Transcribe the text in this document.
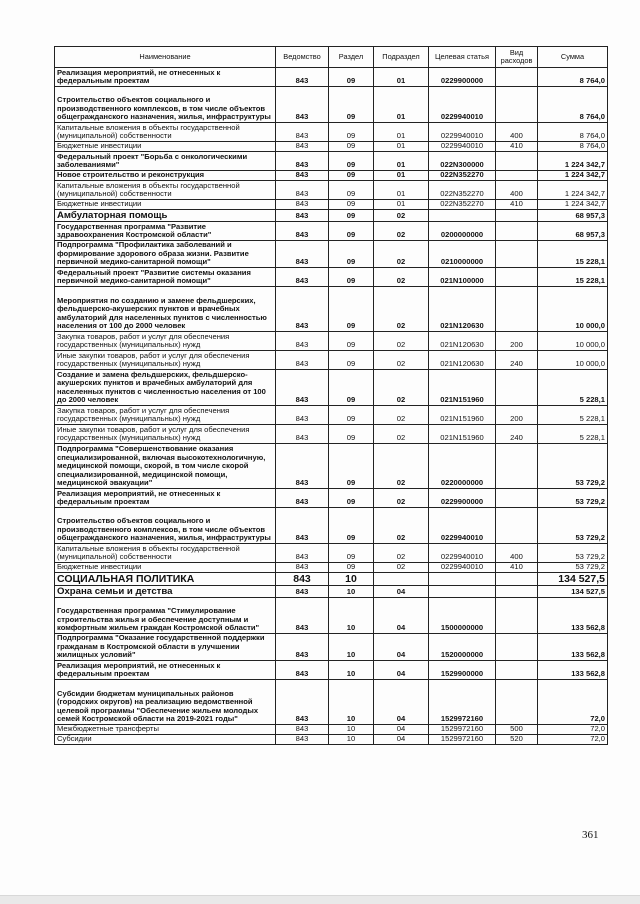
Наименование	Ведомство	Раздел	Подраздел	Целевая статья	Вид расходов	Сумма
Реализация мероприятий, не отнесенных к федеральным проектам	843	09	01	0229900000		8 764,0
Строительство объектов социального и производственного комплексов, в том числе объектов общегражданского назначения, жилья, инфраструктуры	843	09	01	0229940010		8 764,0
Капитальные вложения в объекты государственной (муниципальной) собственности	843	09	01	0229940010	400	8 764,0
Бюджетные инвестиции	843	09	01	0229940010	410	8 764,0
Федеральный проект "Борьба с онкологическими заболеваниями"	843	09	01	022N300000		1 224 342,7
Новое строительство и реконструкция	843	09	01	022N352270		1 224 342,7
Капитальные вложения в объекты государственной (муниципальной) собственности	843	09	01	022N352270	400	1 224 342,7
Бюджетные инвестиции	843	09	01	022N352270	410	1 224 342,7
Амбулаторная помощь	843	09	02			68 957,3
Государственная программа "Развитие здравоохранения Костромской области"	843	09	02	0200000000		68 957,3
Подпрограмма "Профилактика заболеваний и формирование здорового образа жизни. Развитие первичной медико-санитарной помощи"	843	09	02	0210000000		15 228,1
Федеральный проект "Развитие системы оказания первичной медико-санитарной помощи"	843	09	02	021N100000		15 228,1
Мероприятия по созданию и замене фельдшерских, фельдшерско-акушерских пунктов и врачебных амбулаторий для населенных пунктов с численностью населения от 100 до 2000 человек	843	09	02	021N120630		10 000,0
Закупка товаров, работ и услуг для обеспечения государственных (муниципальных) нужд	843	09	02	021N120630	200	10 000,0
Иные закупки товаров, работ и услуг для обеспечения государственных (муниципальных) нужд	843	09	02	021N120630	240	10 000,0
Создание и замена фельдшерских, фельдшерско-акушерских пунктов и врачебных амбулаторий для населенных пунктов с численностью населения от 100 до 2000 человек	843	09	02	021N151960		5 228,1
Закупка товаров, работ и услуг для обеспечения государственных (муниципальных) нужд	843	09	02	021N151960	200	5 228,1
Иные закупки товаров, работ и услуг для обеспечения государственных (муниципальных) нужд	843	09	02	021N151960	240	5 228,1
Подпрограмма "Совершенствование оказания специализированной, включая высокотехнологичную, медицинской помощи, скорой, в том числе скорой специализированной, медицинской помощи, медицинской эвакуации"	843	09	02	0220000000		53 729,2
Реализация мероприятий, не отнесенных к федеральным проектам	843	09	02	0229900000		53 729,2
Строительство объектов социального и производственного комплексов, в том числе объектов общегражданского назначения, жилья, инфраструктуры	843	09	02	0229940010		53 729,2
Капитальные вложения в объекты государственной (муниципальной) собственности	843	09	02	0229940010	400	53 729,2
Бюджетные инвестиции	843	09	02	0229940010	410	53 729,2
СОЦИАЛЬНАЯ ПОЛИТИКА	843	10				134 527,5
Охрана семьи и детства	843	10	04			134 527,5
Государственная программа "Стимулирование строительства жилья и обеспечение доступным и комфортным жильем граждан Костромской области"	843	10	04	1500000000		133 562,8
Подпрограмма "Оказание государственной поддержки гражданам в Костромской области в улучшении жилищных условий"	843	10	04	1520000000		133 562,8
Реализация мероприятий, не отнесенных к федеральным проектам	843	10	04	1529900000		133 562,8
Субсидии бюджетам муниципальных районов (городских округов) на реализацию ведомственной целевой программы "Обеспечение жильем молодых семей Костромской области на 2019-2021 годы"	843	10	04	1529972160		72,0
Межбюджетные трансферты	843	10	04	1529972160	500	72,0
Субсидии	843	10	04	1529972160	520	72,0
361
